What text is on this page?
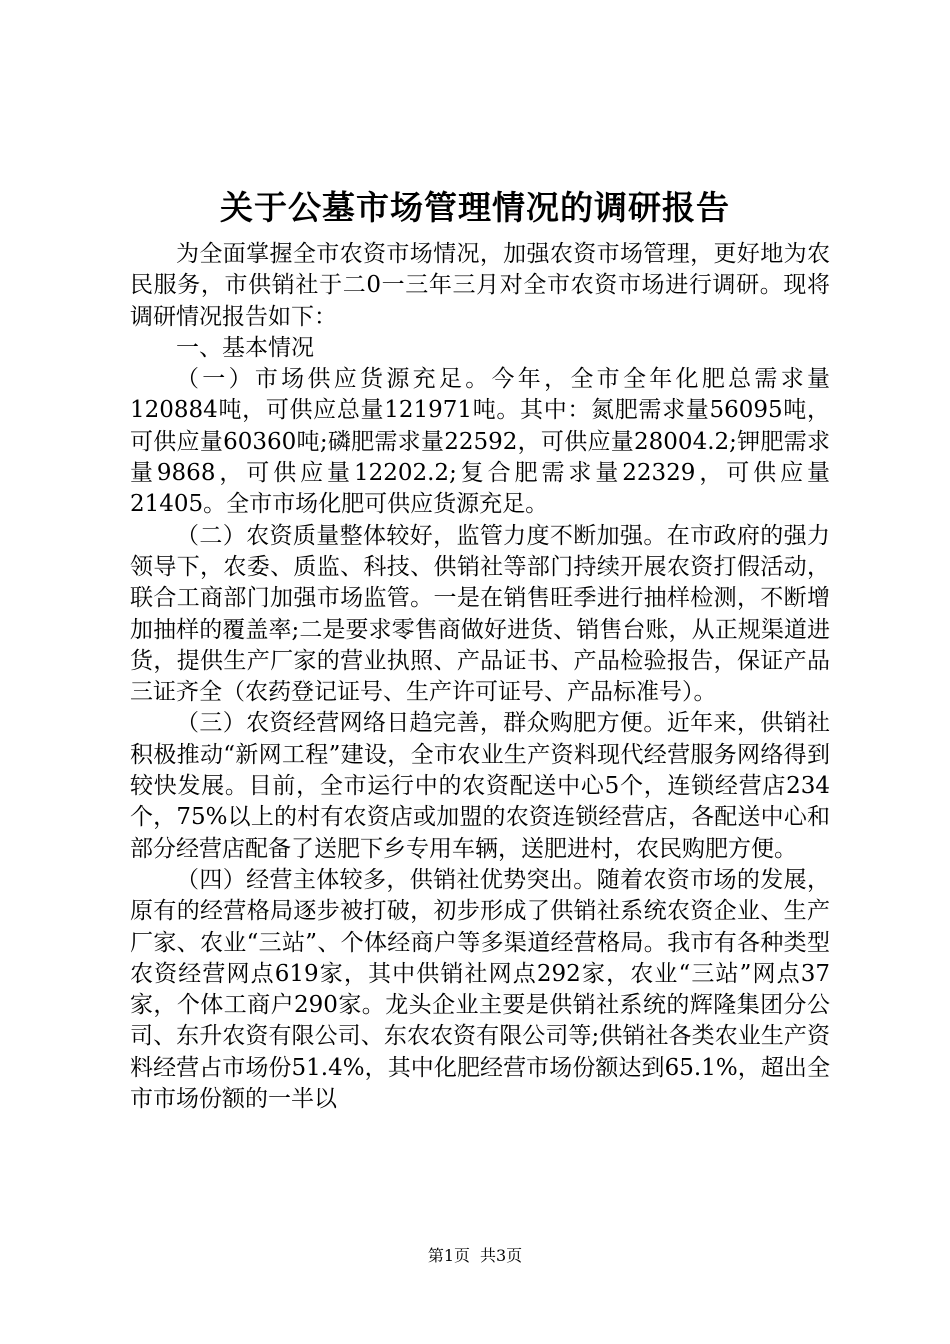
关于公墓市场管理情况的调研报告

为全面掌握全市农资市场情况，加强农资市场管理，更好地为农民服务，市供销社于二0一三年三月对全市农资市场进行调研。现将调研情况报告如下：

一、基本情况

（一）市场供应货源充足。今年，全市全年化肥总需求量120884吨，可供应总量121971吨。其中：氮肥需求量56095吨，可供应量60360吨;磷肥需求量22592，可供应量28004.2;钾肥需求量9868，可供应量12202.2;复合肥需求量22329，可供应量21405。全市市场化肥可供应货源充足。

（二）农资质量整体较好，监管力度不断加强。在市政府的强力领导下，农委、质监、科技、供销社等部门持续开展农资打假活动，联合工商部门加强市场监管。一是在销售旺季进行抽样检测，不断增加抽样的覆盖率;二是要求零售商做好进货、销售台账，从正规渠道进货，提供生产厂家的营业执照、产品证书、产品检验报告，保证产品三证齐全（农药登记证号、生产许可证号、产品标准号）。

（三）农资经营网络日趋完善，群众购肥方便。近年来，供销社积极推动“新网工程”建设，全市农业生产资料现代经营服务网络得到较快发展。目前，全市运行中的农资配送中心5个，连锁经营店234个，75%以上的村有农资店或加盟的农资连锁经营店，各配送中心和部分经营店配备了送肥下乡专用车辆，送肥进村，农民购肥方便。

（四）经营主体较多，供销社优势突出。随着农资市场的发展，原有的经营格局逐步被打破，初步形成了供销社系统农资企业、生产厂家、农业“三站”、个体经商户等多渠道经营格局。我市有各种类型农资经营网点619家，其中供销社网点292家，农业“三站”网点37家，个体工商户290家。龙头企业主要是供销社系统的辉隆集团分公司、东升农资有限公司、东农农资有限公司等;供销社各类农业生产资料经营占市场份51.4%，其中化肥经营市场份额达到65.1%，超出全市市场份额的一半以

第1页 共3页
